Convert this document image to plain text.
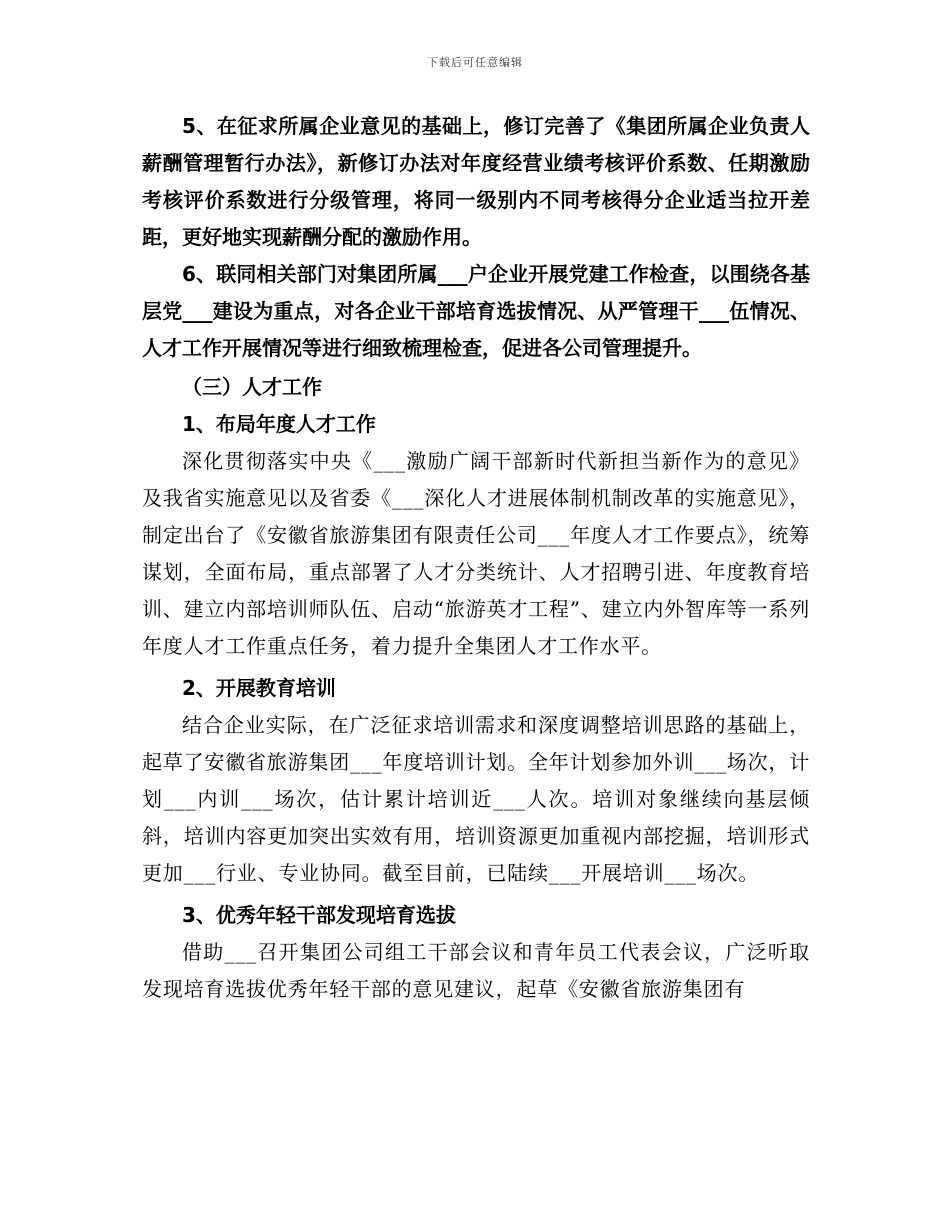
下载后可任意编辑

5、在征求所属企业意见的基础上，修订完善了《集团所属企业负责人薪酬管理暂行办法》，新修订办法对年度经营业绩考核评价系数、任期激励考核评价系数进行分级管理，将同一级别内不同考核得分企业适当拉开差距，更好地实现薪酬分配的激励作用。

6、联同相关部门对集团所属___户企业开展党建工作检查，以围绕各基层党___建设为重点，对各企业干部培育选拔情况、从严管理干___伍情况、人才工作开展情况等进行细致梳理检查，促进各公司管理提升。

（三）人才工作

1、布局年度人才工作

深化贯彻落实中央《___激励广阔干部新时代新担当新作为的意见》及我省实施意见以及省委《___深化人才进展体制机制改革的实施意见》，制定出台了《安徽省旅游集团有限责任公司___年度人才工作要点》，统筹谋划，全面布局，重点部署了人才分类统计、人才招聘引进、年度教育培训、建立内部培训师队伍、启动“旅游英才工程”、建立内外智库等一系列年度人才工作重点任务，着力提升全集团人才工作水平。

2、开展教育培训

结合企业实际，在广泛征求培训需求和深度调整培训思路的基础上，起草了安徽省旅游集团___年度培训计划。全年计划参加外训___场次，计划___内训___场次，估计累计培训近___人次。培训对象继续向基层倾斜，培训内容更加突出实效有用，培训资源更加重视内部挖掘，培训形式更加___行业、专业协同。截至目前，已陆续___开展培训___场次。

3、优秀年轻干部发现培育选拔

借助___召开集团公司组工干部会议和青年员工代表会议，广泛听取发现培育选拔优秀年轻干部的意见建议，起草《安徽省旅游集团有
